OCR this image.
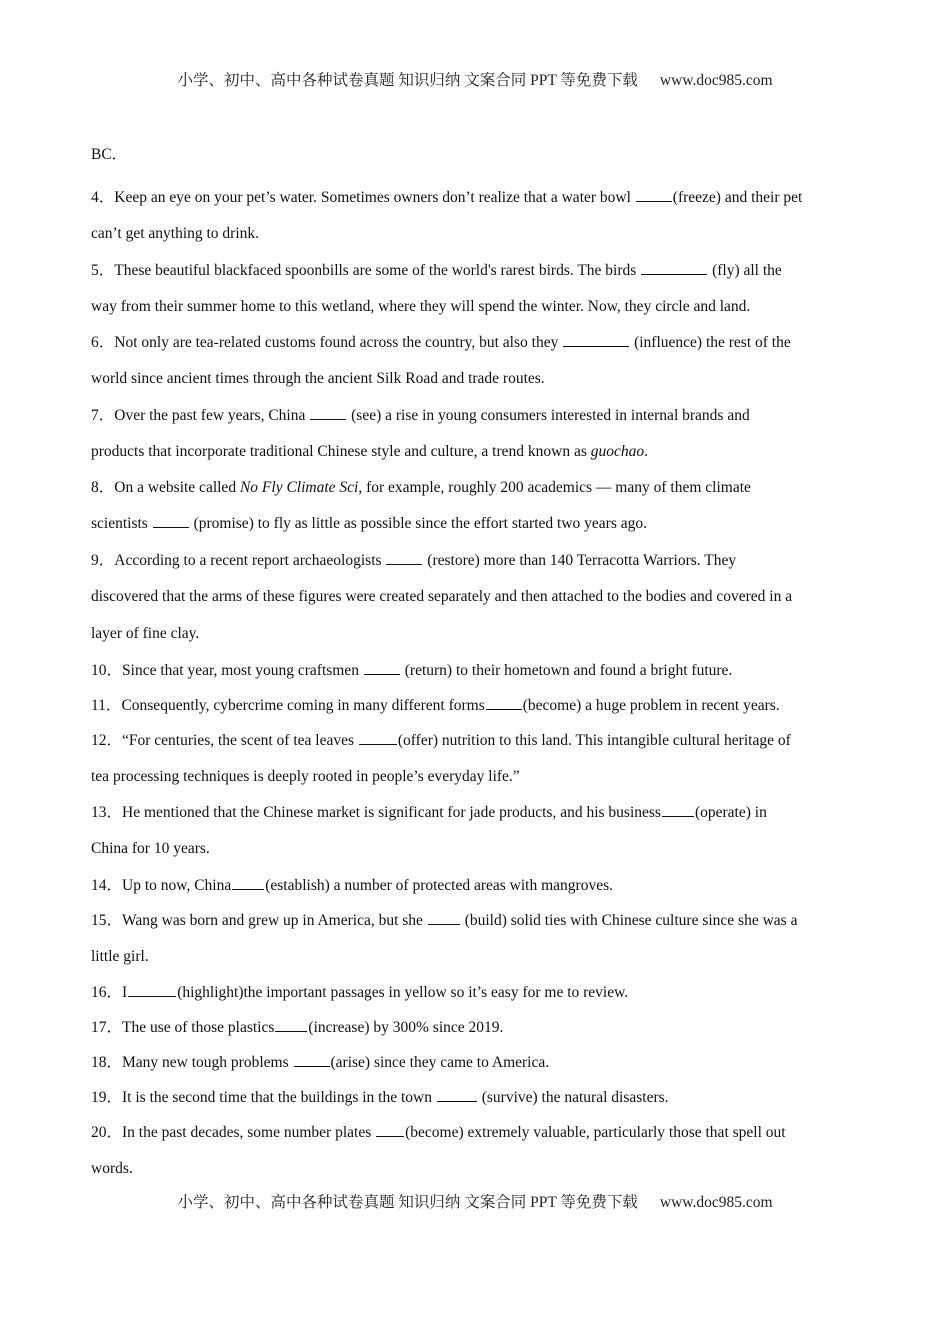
小学、初中、高中各种试卷真题 知识归纳 文案合同 PPT 等免费下载 www.doc985.com
BC．
4．Keep an eye on your pet’s water. Sometimes owners don’t realize that a water bowl (freeze) and their pet
can’t get anything to drink.
5．These beautiful blackfaced spoonbills are some of the world's rarest birds. The birds	(fly) all the
way from their summer home to this wetland, where they will spend the winter. Now, they circle and land.
6．Not only are tea-related customs found across the country, but also they	(influence) the rest of the
world since ancient times through the ancient Silk Road and trade routes.
7．Over the past few years, China  (see) a rise in young consumers interested in internal brands and
products that incorporate traditional Chinese style and culture, a trend known as guochao.
8．On a website called No Fly Climate Sci, for example, roughly 200 academics — many of them climate
scientists  (promise) to fly as little as possible since the effort started two years ago.
9．According to a recent report archaeologists  (restore) more than 140 Terracotta Warriors. They
discovered that the arms of these figures were created separately and then attached to the bodies and covered in a
layer of fine clay.
10．Since that year, most young craftsmen  (return) to their hometown and found a bright future.
11．Consequently, cybercrime coming in many different forms (become) a huge problem in recent years.
12．“For centuries, the scent of tea leaves	(offer) nutrition to this land. This intangible cultural heritage of
tea processing techniques is deeply rooted in people’s everyday life.”
13．He mentioned that the Chinese market is significant for jade products, and his business (operate) in
China for 10 years.
14．Up to now, China (establish) a number of protected areas with mangroves.
15．Wang was born and grew up in America, but she  (build) solid ties with Chinese culture since she was a
little girl.
16．I	(highlight)the important passages in yellow so it’s easy for me to review.
17．The use of those plastics (increase) by 300% since 2019.
18．Many new tough problems (arise) since they came to America.
19．It is the second time that the buildings in the town	(survive) the natural disasters.
20．In the past decades, some number plates (become) extremely valuable, particularly those that spell out
words.
小学、初中、高中各种试卷真题 知识归纳 文案合同 PPT 等免费下载 www.doc985.com
